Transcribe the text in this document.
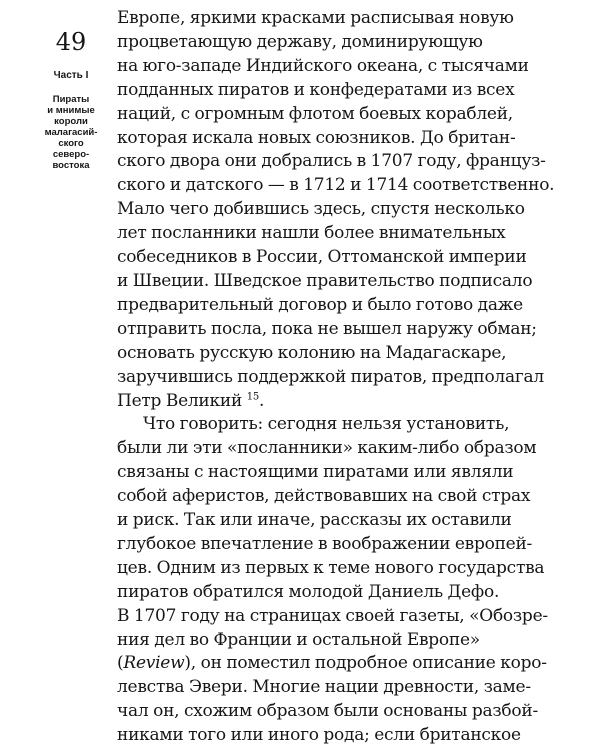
49
Часть I
Пираты
и мнимые
короли
малагасий-
ского
северо-
востока
Европе, яркими красками расписывая новую
процветающую державу, доминирующую
на юго-западе Индийского океана, с тысячами
подданных пиратов и конфедератами из всех
наций, с огромным флотом боевых кораблей,
которая искала новых союзников. До британ-
ского двора они добрались в 1707 году, француз-
ского и датского — в 1712 и 1714 соответственно.
Мало чего добившись здесь, спустя несколько
лет посланники нашли более внимательных
собеседников в России, Оттоманской империи
и Швеции. Шведское правительство подписало
предварительный договор и было готово даже
отправить посла, пока не вышел наружу обман;
основать русскую колонию на Мадагаскаре,
заручившись поддержкой пиратов, предполагал
Петр Великий $^{15}$.
Что говорить: сегодня нельзя установить,
были ли эти «посланники» каким-либо образом
связаны с настоящими пиратами или являли
собой аферистов, действовавших на свой страх
и риск. Так или иначе, рассказы их оставили
глубокое впечатление в воображении европей-
цев. Одним из первых к теме нового государства
пиратов обратился молодой Даниель Дефо.
В 1707 году на страницах своей газеты, «Обозре-
ния дел во Франции и остальной Европе»
(Review), он поместил подробное описание коро-
левства Эвери. Многие нации древности, заме-
чал он, схожим образом были основаны разбой-
никами того или иного рода; если британское
